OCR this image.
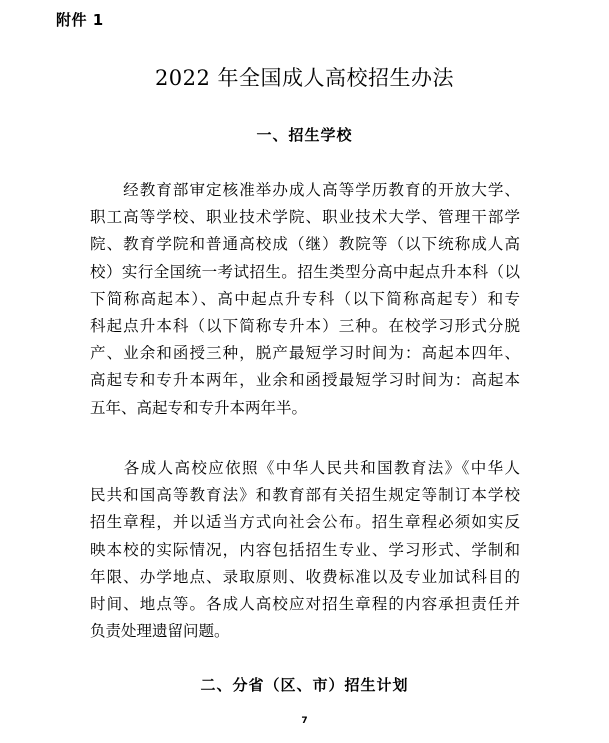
附件 1
2022 年全国成人高校招生办法
一、招生学校
　　经教育部审定核准举办成人高等学历教育的开放大学、
职工高等学校、职业技术学院、职业技术大学、管理干部学
院、教育学院和普通高校成（继）教院等（以下统称成人高
校）实行全国统一考试招生。招生类型分高中起点升本科（以
下简称高起本）、高中起点升专科（以下简称高起专）和专
科起点升本科（以下简称专升本）三种。在校学习形式分脱
产、业余和函授三种，脱产最短学习时间为：高起本四年、
高起专和专升本两年，业余和函授最短学习时间为：高起本
五年、高起专和专升本两年半。
　　各成人高校应依照《中华人民共和国教育法》《中华人
民共和国高等教育法》和教育部有关招生规定等制订本学校
招生章程，并以适当方式向社会公布。招生章程必须如实反
映本校的实际情况，内容包括招生专业、学习形式、学制和
年限、办学地点、录取原则、收费标准以及专业加试科目的
时间、地点等。各成人高校应对招生章程的内容承担责任并
负责处理遗留问题。
二、分省（区、市）招生计划
7
